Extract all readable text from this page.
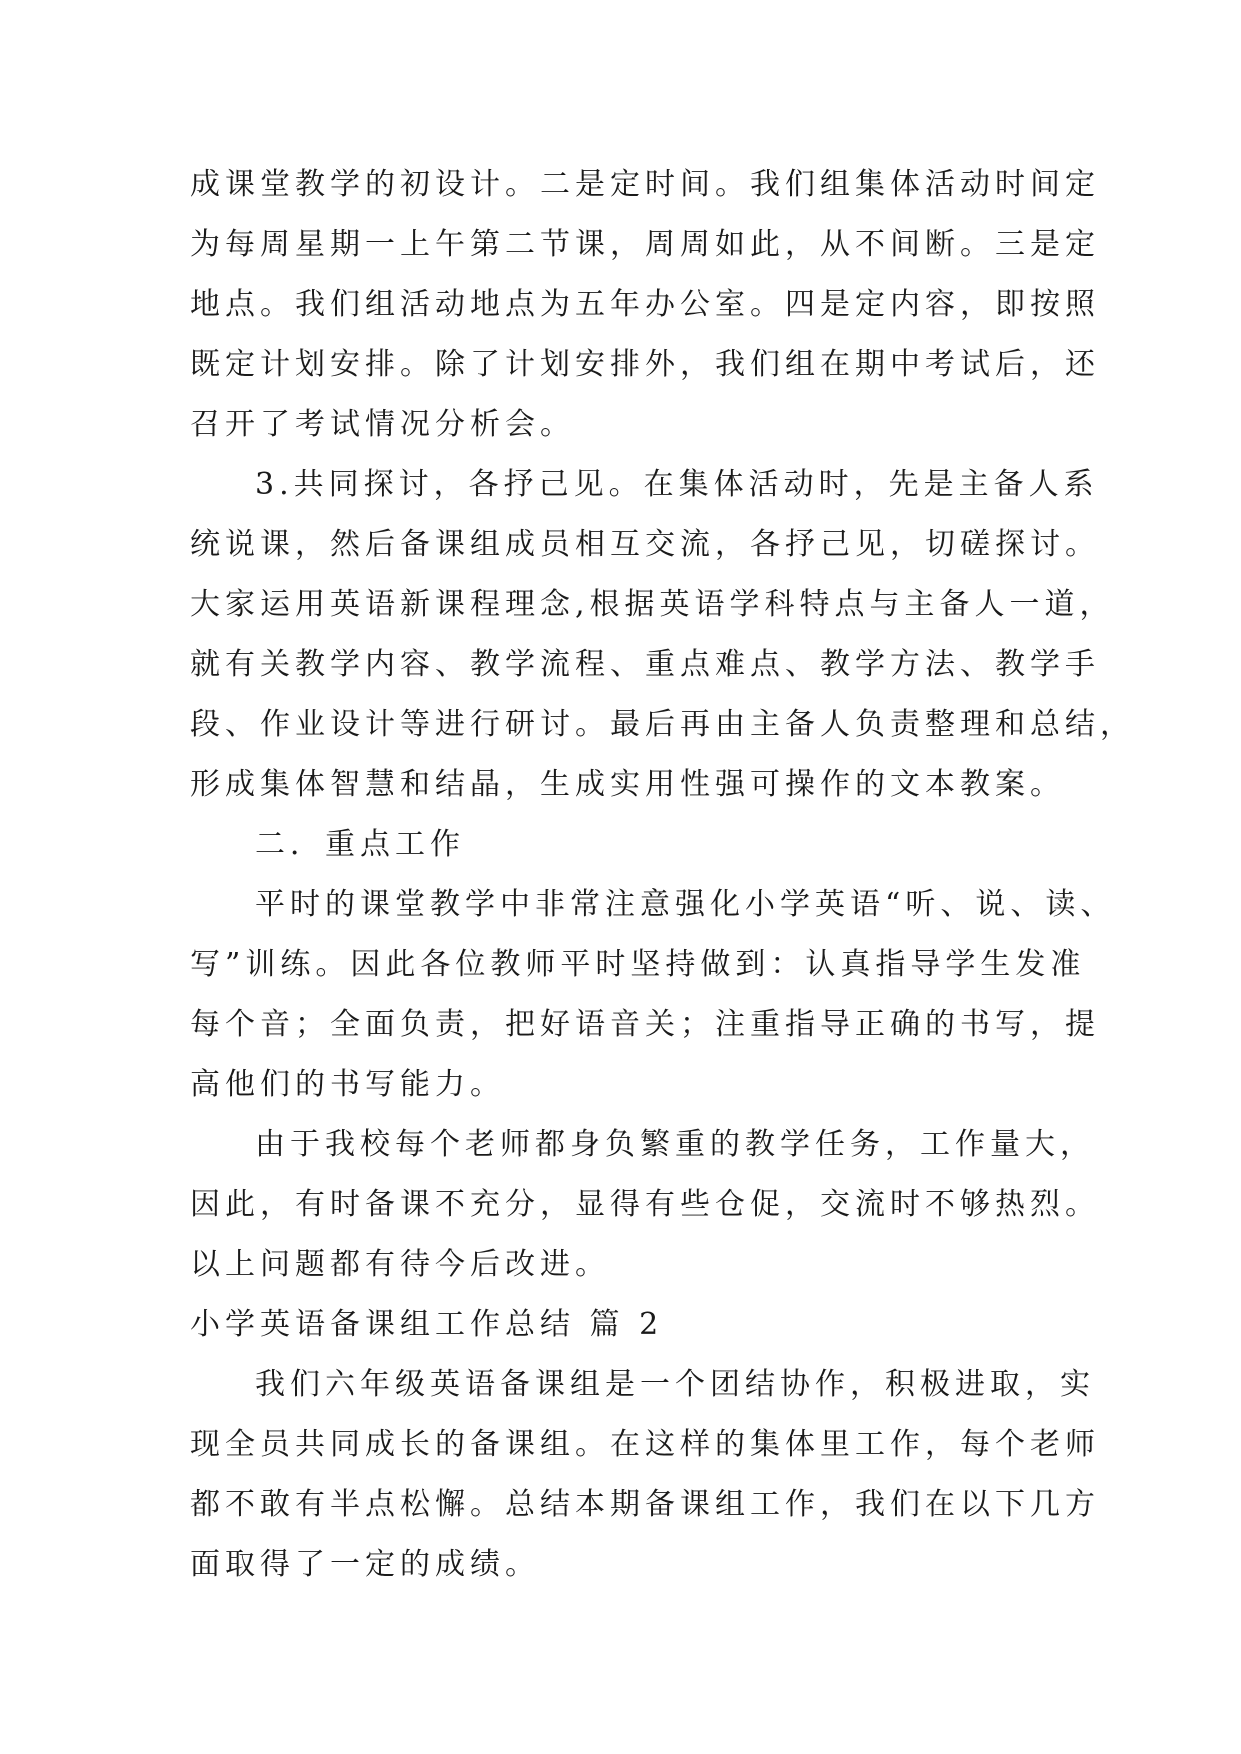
成课堂教学的初设计。二是定时间。我们组集体活动时间定
为每周星期一上午第二节课，周周如此，从不间断。三是定
地点。我们组活动地点为五年办公室。四是定内容，即按照
既定计划安排。除了计划安排外，我们组在期中考试后，还
召开了考试情况分析会。
3.共同探讨，各抒己见。在集体活动时，先是主备人系
统说课，然后备课组成员相互交流，各抒己见，切磋探讨。
大家运用英语新课程理念,根据英语学科特点与主备人一道，
就有关教学内容、教学流程、重点难点、教学方法、教学手
段、作业设计等进行研讨。最后再由主备人负责整理和总结，
形成集体智慧和结晶，生成实用性强可操作的文本教案。
二．重点工作
平时的课堂教学中非常注意强化小学英语“听、说、读、
写”训练。因此各位教师平时坚持做到：认真指导学生发准
每个音；全面负责，把好语音关；注重指导正确的书写，提
高他们的书写能力。
由于我校每个老师都身负繁重的教学任务，工作量大，
因此，有时备课不充分，显得有些仓促，交流时不够热烈。
以上问题都有待今后改进。
小学英语备课组工作总结 篇 2
我们六年级英语备课组是一个团结协作，积极进取，实
现全员共同成长的备课组。在这样的集体里工作，每个老师
都不敢有半点松懈。总结本期备课组工作，我们在以下几方
面取得了一定的成绩。
